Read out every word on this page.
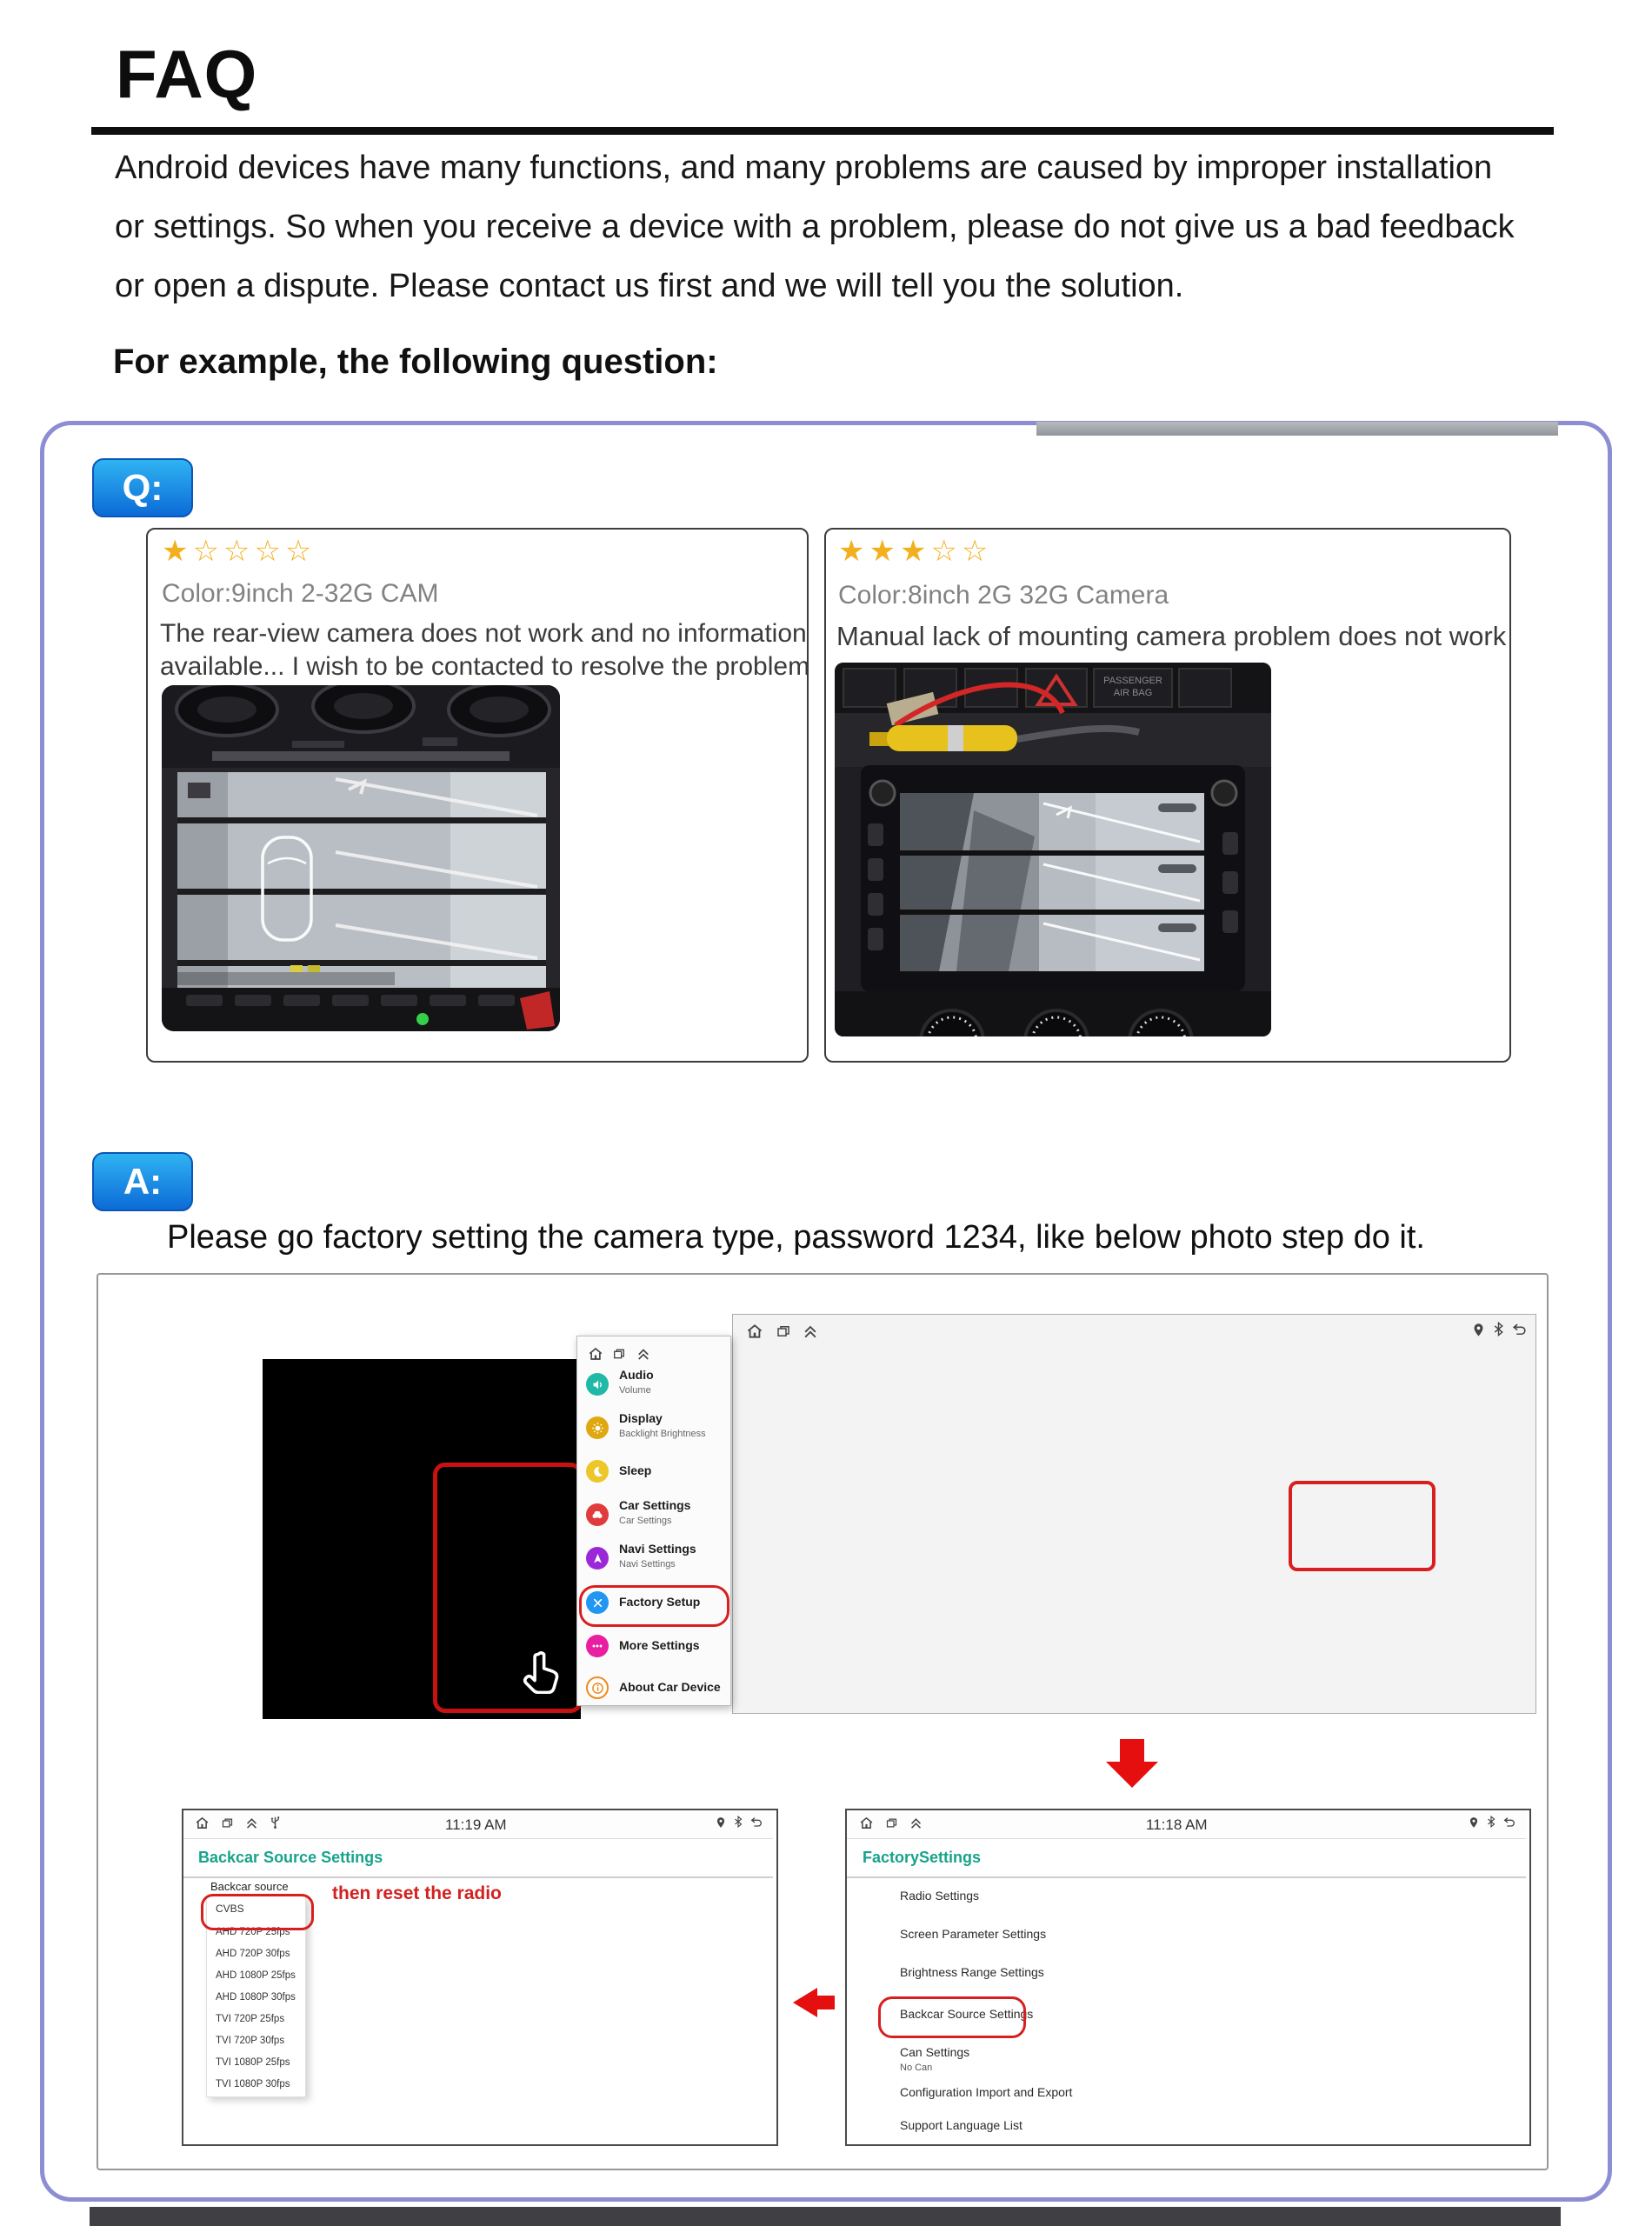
FAQ
Android devices have many functions, and many problems are caused by improper installation
or settings. So when you receive a device with a problem, please do not give us a bad feedback
or open a dispute. Please contact us first and we will tell you the solution.
For example, the following question:
Q:
★☆☆☆☆
Color:9inch 2-32G CAM
The rear-view camera does not work and no information
available... I wish to be contacted to resolve the problem
★★★☆☆
Color:8inch 2G 32G Camera
Manual lack of mounting camera problem does not work
PASSENGER
AIR BAG
A:
Please go factory setting the camera type, password 1234, like below photo step do it.
Audio
Volume
Display
Backlight Brightness
Sleep
Car Settings
Car Settings
Navi Settings
Navi Settings
Factory Setup
More Settings
About Car Device
11:19 AM
Backcar Source Settings
Backcar source
CVBS
AHD 720P 25fps
AHD 720P 30fps
AHD 1080P 25fps
AHD 1080P 30fps
TVI 720P 25fps
TVI 720P 30fps
TVI 1080P 25fps
TVI 1080P 30fps
then reset the radio
11:18 AM
FactorySettings
Radio Settings
Screen Parameter Settings
Brightness Range Settings
Backcar Source Settings
Can Settings
No Can
Configuration Import and Export
Support Language List
